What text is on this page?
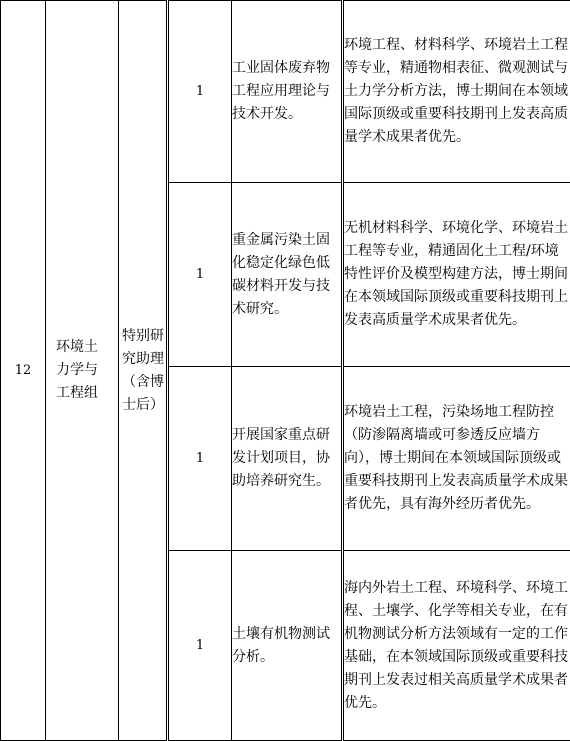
12	环境土力学与工程组	特别研究助理（含博士后）	1	工业固体废弃物工程应用理论与技术开发。	环境工程、材料科学、环境岩土工程等专业，精通物相表征、微观测试与土力学分析方法，博士期间在本领域国际顶级或重要科技期刊上发表高质量学术成果者优先。
			1	重金属污染土固化稳定化绿色低碳材料开发与技术研究。	无机材料科学、环境化学、环境岩土工程等专业，精通固化土工程/环境特性评价及模型构建方法，博士期间在本领域国际顶级或重要科技期刊上发表高质量学术成果者优先。
			1	开展国家重点研发计划项目，协助培养研究生。	环境岩土工程，污染场地工程防控（防渗隔离墙或可参透反应墙方向），博士期间在本领域国际顶级或重要科技期刊上发表高质量学术成果者优先，具有海外经历者优先。
			1	土壤有机物测试分析。	海内外岩土工程、环境科学、环境工程、土壤学、化学等相关专业，在有机物测试分析方法领域有一定的工作基础，在本领域国际顶级或重要科技期刊上发表过相关高质量学术成果者优先。
